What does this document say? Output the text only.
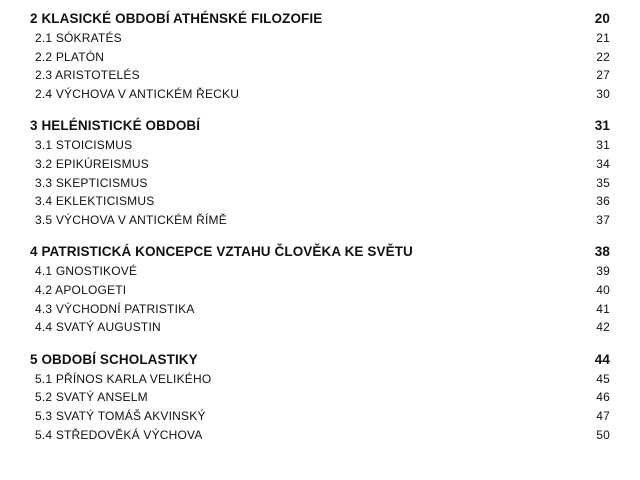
2 KLASICKÉ OBDOBÍ ATHÉNSKÉ FILOZOFIE	20
2.1 SÓKRATÉS	21
2.2 PLATÓN	22
2.3 ARISTOTELÉS	27
2.4 VÝCHOVA V ANTICKÉM ŘECKU	30
3 HELÉNISTICKÉ OBDOBÍ	31
3.1 STOICISMUS	31
3.2 EPIKÚREISMUS	34
3.3 SKEPTICISMUS	35
3.4 EKLEKTICISMUS	36
3.5 VÝCHOVA V ANTICKÉM ŘÍMĚ	37
4 PATRISTICKÁ KONCEPCE VZTAHU ČLOVĚKA KE SVĚTU	38
4.1 GNOSTIKOVÉ	39
4.2 APOLOGETI	40
4.3 VÝCHODNÍ PATRISTIKA	41
4.4 SVATÝ AUGUSTIN	42
5 OBDOBÍ SCHOLASTIKY	44
5.1 PŘÍNOS KARLA VELIKÉHO	45
5.2 SVATÝ ANSELM	46
5.3 SVATÝ TOMÁŠ AKVINSKÝ	47
5.4 STŘEDOVĚKÁ VÝCHOVA	50
